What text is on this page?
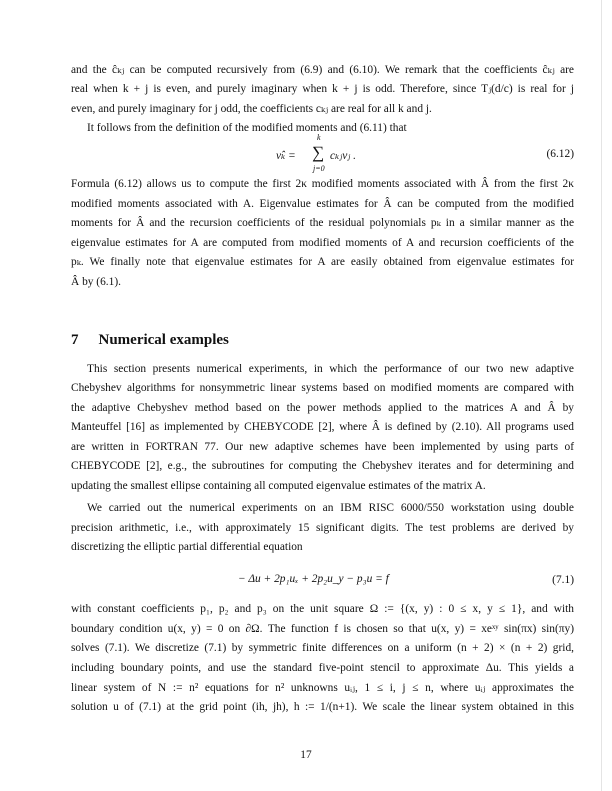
and the ĉₖⱼ can be computed recursively from (6.9) and (6.10). We remark that the coefficients ĉₖⱼ are
real when k + j is even, and purely imaginary when k + j is odd. Therefore, since Tⱼ(d/c) is real for j
even, and purely imaginary for j odd, the coefficients cₖⱼ are real for all k and j.
It follows from the definition of the modified moments and (6.11) that
ν̂ₖ = ∑
k
j=0
cₖⱼνⱼ .	(6.12)
Formula (6.12) allows us to compute the first 2κ modified moments associated with Â from the first 2κ
modified moments associated with A. Eigenvalue estimates for Â can be computed from the modified
moments for Â and the recursion coefficients of the residual polynomials pₖ in a similar manner as the
eigenvalue estimates for A are computed from modified moments of A and recursion coefficients of the
pₖ. We finally note that eigenvalue estimates for A are easily obtained from eigenvalue estimates for
Â by (6.1).
7 Numerical examples
This section presents numerical experiments, in which the performance of our two new adaptive
Chebyshev algorithms for nonsymmetric linear systems based on modified moments are compared with
the adaptive Chebyshev method based on the power methods applied to the matrices A and Â by
Manteuffel [16] as implemented by CHEBYCODE [2], where Â is defined by (2.10). All programs used
are written in FORTRAN 77. Our new adaptive schemes have been implemented by using parts of
CHEBYCODE [2], e.g., the subroutines for computing the Chebyshev iterates and for determining and
updating the smallest ellipse containing all computed eigenvalue estimates of the matrix A.
We carried out the numerical experiments on an IBM RISC 6000/550 workstation using double
precision arithmetic, i.e., with approximately 15 significant digits. The test problems are derived by
discretizing the elliptic partial differential equation
− Δu + 2p₁uₓ + 2p₂u_y − p₃u = f	(7.1)
with constant coefficients p₁, p₂ and p₃ on the unit square Ω := {(x, y) : 0 ≤ x, y ≤ 1}, and with
boundary condition u(x, y) = 0 on ∂Ω. The function f is chosen so that u(x, y) = xeˣʸ sin(πx) sin(πy)
solves (7.1). We discretize (7.1) by symmetric finite differences on a uniform (n + 2) × (n + 2) grid,
including boundary points, and use the standard five-point stencil to approximate Δu. This yields a
linear system of N := n² equations for n² unknowns uᵢⱼ, 1 ≤ i, j ≤ n, where uᵢⱼ approximates the
solution u of (7.1) at the grid point (ih, jh), h := 1/(n+1). We scale the linear system obtained in this
17
